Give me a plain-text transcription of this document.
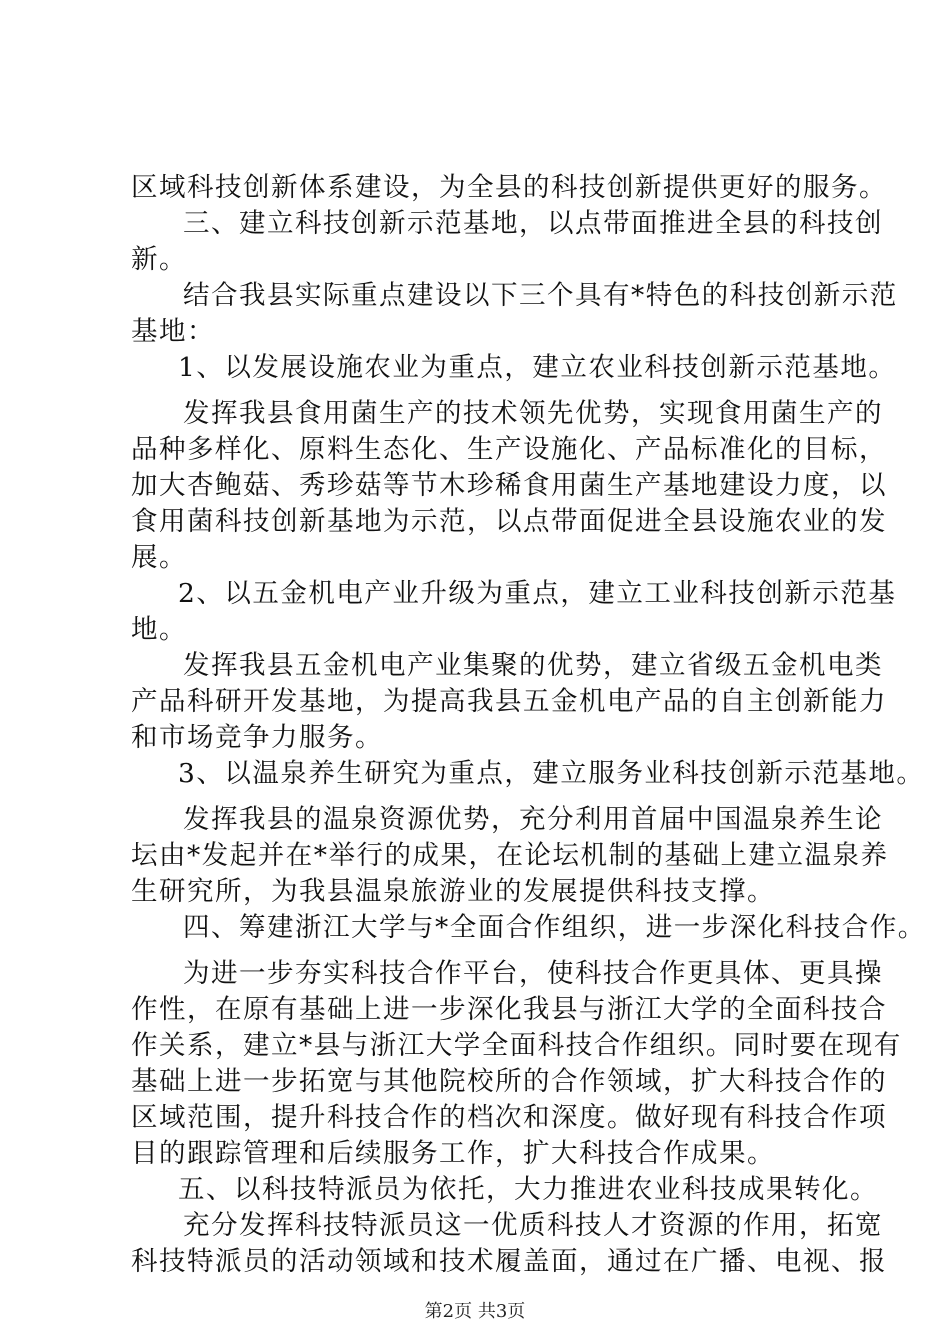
区域科技创新体系建设，为全县的科技创新提供更好的服务。
三、建立科技创新示范基地，以点带面推进全县的科技创
新。
结合我县实际重点建设以下三个具有*特色的科技创新示范
基地：
1、以发展设施农业为重点，建立农业科技创新示范基地。
发挥我县食用菌生产的技术领先优势，实现食用菌生产的
品种多样化、原料生态化、生产设施化、产品标准化的目标，
加大杏鲍菇、秀珍菇等节木珍稀食用菌生产基地建设力度，以
食用菌科技创新基地为示范，以点带面促进全县设施农业的发
展。
2、以五金机电产业升级为重点，建立工业科技创新示范基
地。
发挥我县五金机电产业集聚的优势，建立省级五金机电类
产品科研开发基地，为提高我县五金机电产品的自主创新能力
和市场竞争力服务。
3、以温泉养生研究为重点，建立服务业科技创新示范基地。
发挥我县的温泉资源优势，充分利用首届中国温泉养生论
坛由*发起并在*举行的成果，在论坛机制的基础上建立温泉养
生研究所，为我县温泉旅游业的发展提供科技支撑。
四、筹建浙江大学与*全面合作组织，进一步深化科技合作。
为进一步夯实科技合作平台，使科技合作更具体、更具操
作性，在原有基础上进一步深化我县与浙江大学的全面科技合
作关系，建立*县与浙江大学全面科技合作组织。同时要在现有
基础上进一步拓宽与其他院校所的合作领域，扩大科技合作的
区域范围，提升科技合作的档次和深度。做好现有科技合作项
目的跟踪管理和后续服务工作，扩大科技合作成果。
五、以科技特派员为依托，大力推进农业科技成果转化。
充分发挥科技特派员这一优质科技人才资源的作用，拓宽
科技特派员的活动领域和技术履盖面，通过在广播、电视、报
第2页 共3页
